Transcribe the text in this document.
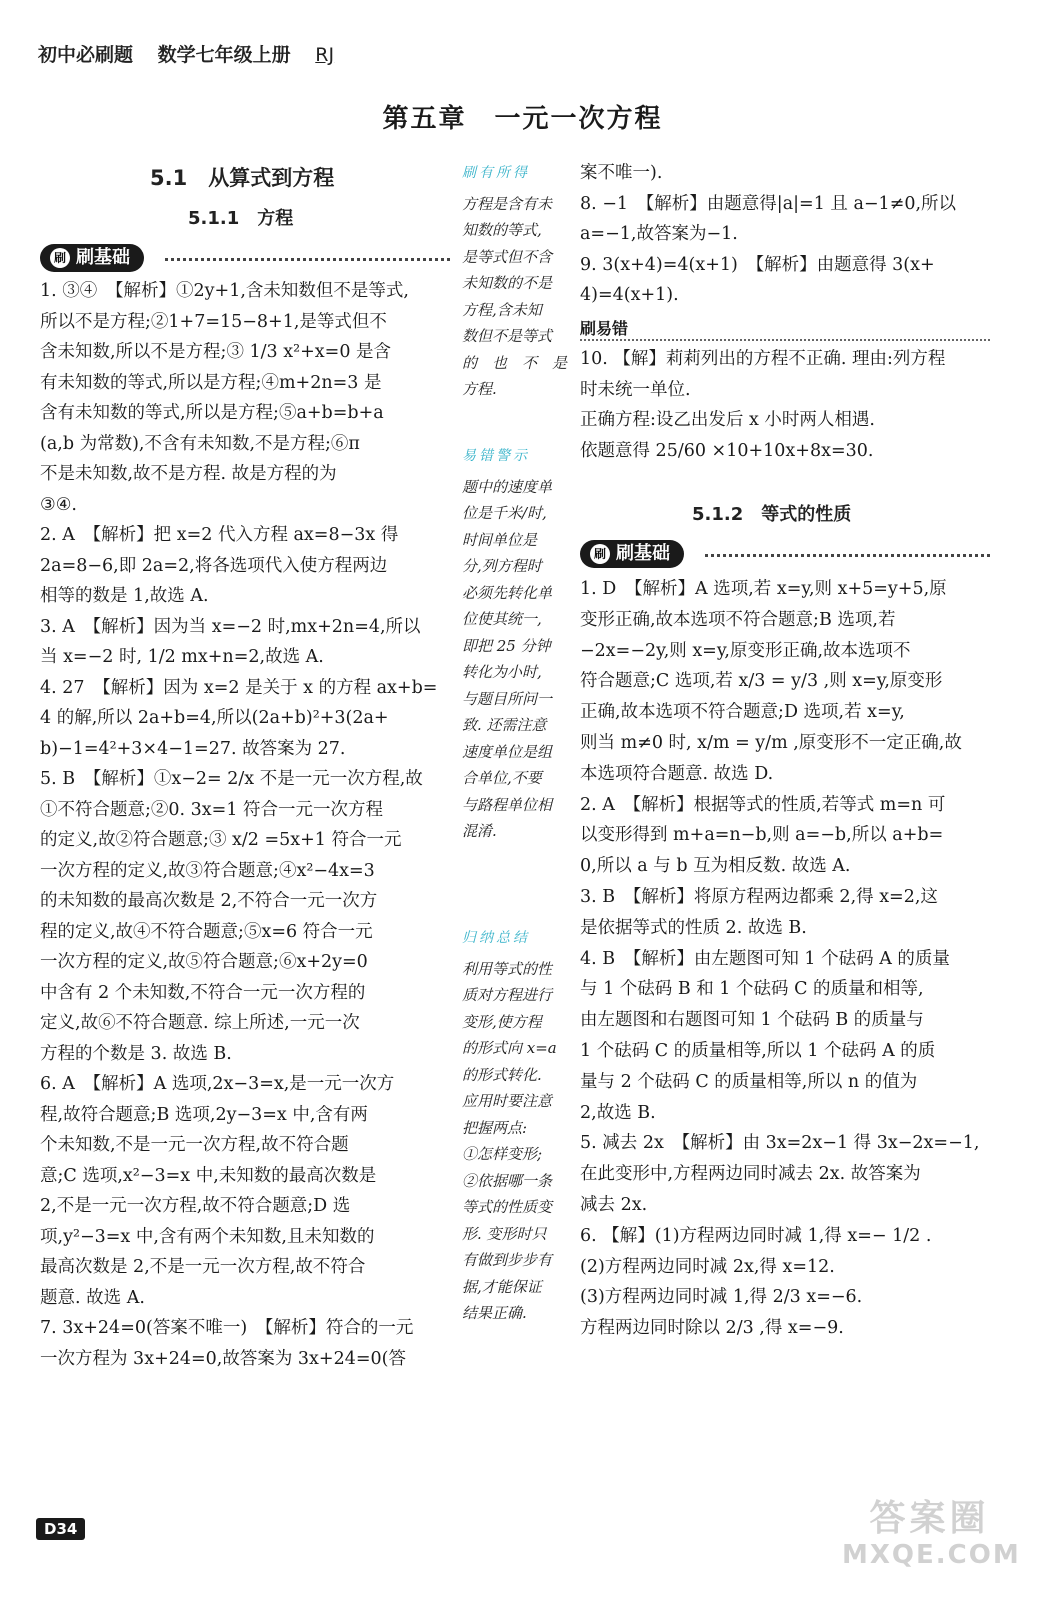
初中必刷题 数学七年级上册 RJ
第五章　一元一次方程
5.1　从算式到方程
5.1.1　方程
刷 刷基础
1. ③④　【解析】①2y+1,含未知数但不是等式,
所以不是方程;②1+7=15−8+1,是等式但不
含未知数,所以不是方程;③ 1/3 x²+x=0 是含
有未知数的等式,所以是方程;④m+2n=3 是
含有未知数的等式,所以是方程;⑤a+b=b+a
(a,b 为常数),不含有未知数,不是方程;⑥π
不是未知数,故不是方程. 故是方程的为
③④.
2. A　【解析】把 x=2 代入方程 ax=8−3x 得
2a=8−6,即 2a=2,将各选项代入使方程两边
相等的数是 1,故选 A.
3. A　【解析】因为当 x=−2 时,mx+2n=4,所以
当 x=−2 时, 1/2 mx+n=2,故选 A.
4. 27　【解析】因为 x=2 是关于 x 的方程 ax+b=
4 的解,所以 2a+b=4,所以(2a+b)²+3(2a+
b)−1=4²+3×4−1=27. 故答案为 27.
5. B　【解析】①x−2= 2/x 不是一元一次方程,故
①不符合题意;②0. 3x=1 符合一元一次方程
的定义,故②符合题意;③ x/2 =5x+1 符合一元
一次方程的定义,故③符合题意;④x²−4x=3
的未知数的最高次数是 2,不符合一元一次方
程的定义,故④不符合题意;⑤x=6 符合一元
一次方程的定义,故⑤符合题意;⑥x+2y=0
中含有 2 个未知数,不符合一元一次方程的
定义,故⑥不符合题意. 综上所述,一元一次
方程的个数是 3. 故选 B.
6. A　【解析】A 选项,2x−3=x,是一元一次方
程,故符合题意;B 选项,2y−3=x 中,含有两
个未知数,不是一元一次方程,故不符合题
意;C 选项,x²−3=x 中,未知数的最高次数是
2,不是一元一次方程,故不符合题意;D 选
项,y²−3=x 中,含有两个未知数,且未知数的
最高次数是 2,不是一元一次方程,故不符合
题意. 故选 A.
7. 3x+24=0(答案不唯一)　【解析】符合的一元
一次方程为 3x+24=0,故答案为 3x+24=0(答
刷有所得
方程是含有未
知数的等式,
是等式但不含
未知数的不是
方程,含未知
数但不是等式
的　也　不　是
方程.
易错警示
题中的速度单
位是千米/时,
时间单位是
分,列方程时
必须先转化单
位使其统一,
即把 25 分钟
转化为小时,
与题目所问一
致. 还需注意
速度单位是组
合单位,不要
与路程单位相
混淆.
归纳总结
利用等式的性
质对方程进行
变形,使方程
的形式向 x=a
的形式转化.
应用时要注意
把握两点:
①怎样变形;
②依据哪一条
等式的性质变
形. 变形时只
有做到步步有
据,才能保证
结果正确.
案不唯一).
8. −1　【解析】由题意得|a|=1 且 a−1≠0,所以
a=−1,故答案为−1.
9. 3(x+4)=4(x+1)　【解析】由题意得 3(x+
4)=4(x+1).
刷易错
10. 【解】莉莉列出的方程不正确. 理由:列方程
时未统一单位.
正确方程:设乙出发后 x 小时两人相遇.
依题意得 25/60 ×10+10x+8x=30.
5.1.2　等式的性质
刷 刷基础
1. D　【解析】A 选项,若 x=y,则 x+5=y+5,原
变形正确,故本选项不符合题意;B 选项,若
−2x=−2y,则 x=y,原变形正确,故本选项不
符合题意;C 选项,若 x/3 = y/3 ,则 x=y,原变形
正确,故本选项不符合题意;D 选项,若 x=y,
则当 m≠0 时, x/m = y/m ,原变形不一定正确,故
本选项符合题意. 故选 D.
2. A　【解析】根据等式的性质,若等式 m=n 可
以变形得到 m+a=n−b,则 a=−b,所以 a+b=
0,所以 a 与 b 互为相反数. 故选 A.
3. B　【解析】将原方程两边都乘 2,得 x=2,这
是依据等式的性质 2. 故选 B.
4. B　【解析】由左题图可知 1 个砝码 A 的质量
与 1 个砝码 B 和 1 个砝码 C 的质量和相等,
由左题图和右题图可知 1 个砝码 B 的质量与
1 个砝码 C 的质量相等,所以 1 个砝码 A 的质
量与 2 个砝码 C 的质量相等,所以 n 的值为
2,故选 B.
5. 减去 2x　【解析】由 3x=2x−1 得 3x−2x=−1,
在此变形中,方程两边同时减去 2x. 故答案为
减去 2x.
6. 【解】(1)方程两边同时减 1,得 x=− 1/2 .
(2)方程两边同时减 2x,得 x=12.
(3)方程两边同时减 1,得 2/3 x=−6.
方程两边同时除以 2/3 ,得 x=−9.
D34	答案圈
MXQE.COM
